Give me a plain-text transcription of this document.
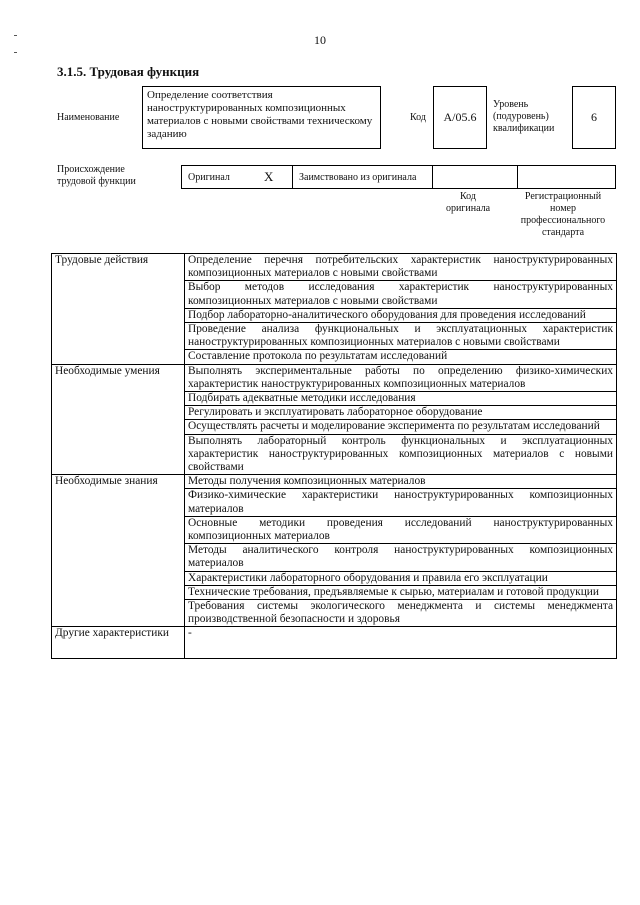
10
3.1.5. Трудовая функция
Наименование
Определение соответствия наноструктурированных композиционных материалов с новыми свойствами техническому заданию
Код	A/05.6
Уровень (подуровень) квалификации
6
Происхождение трудовой функции	Оригинал	X	Заимствовано из оригинала
Код оригинала
Регистрационный номер профессионального стандарта
Трудовые действия	Определение перечня потребительских характеристик наноструктурированных композиционных материалов с новыми свойствами
	Выбор методов исследования характеристик наноструктурированных композиционных материалов с новыми свойствами
	Подбор лабораторно-аналитического оборудования для проведения исследований
	Проведение анализа функциональных и эксплуатационных характеристик наноструктурированных композиционных материалов с новыми свойствами
	Составление протокола по результатам исследований
Необходимые умения	Выполнять экспериментальные работы по определению физико-химических характеристик наноструктурированных композиционных материалов
	Подбирать адекватные методики исследования
	Регулировать и эксплуатировать лабораторное оборудование
	Осуществлять расчеты и моделирование эксперимента по результатам исследований
	Выполнять лабораторный контроль функциональных и эксплуатационных характеристик наноструктурированных композиционных материалов с новыми свойствами
Необходимые знания	Методы получения композиционных материалов
	Физико-химические характеристики наноструктурированных композиционных материалов
	Основные методики проведения исследований наноструктурированных композиционных материалов
	Методы аналитического контроля наноструктурированных композиционных материалов
	Характеристики лабораторного оборудования и правила его эксплуатации
	Технические требования, предъявляемые к сырью, материалам и готовой продукции
	Требования системы экологического менеджмента и системы менеджмента производственной безопасности и здоровья
Другие характеристики	-
